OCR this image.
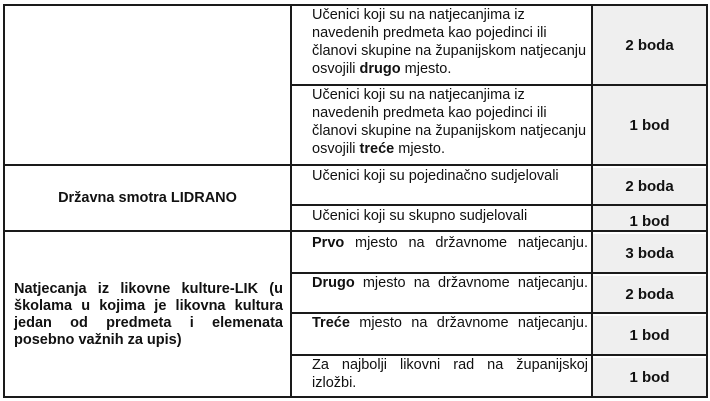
Učenici koji su na natjecanjima iz navedenih predmeta kao pojedinci ili članovi skupine na županijskom natjecanju osvojili drugo mjesto.
2 boda
Učenici koji su na natjecanjima iz navedenih predmeta kao pojedinci ili članovi skupine na županijskom natjecanju osvojili treće mjesto.
1 bod
Državna smotra LIDRANO
Učenici koji su pojedinačno sudjelovali
2 boda
Učenici koji su skupno sudjelovali	1 bod
Natjecanja iz likovne kulture-LIK (u školama u kojima je likovna kultura jedan od predmeta i elemenata posebno važnih za upis)
Prvo mjesto na državnome natjecanju.
3 boda
Drugo mjesto na državnome natjecanju.
2 boda
Treće mjesto na državnome natjecanju.
1 bod
Za najbolji likovni rad na županijskoj izložbi.	1 bod
